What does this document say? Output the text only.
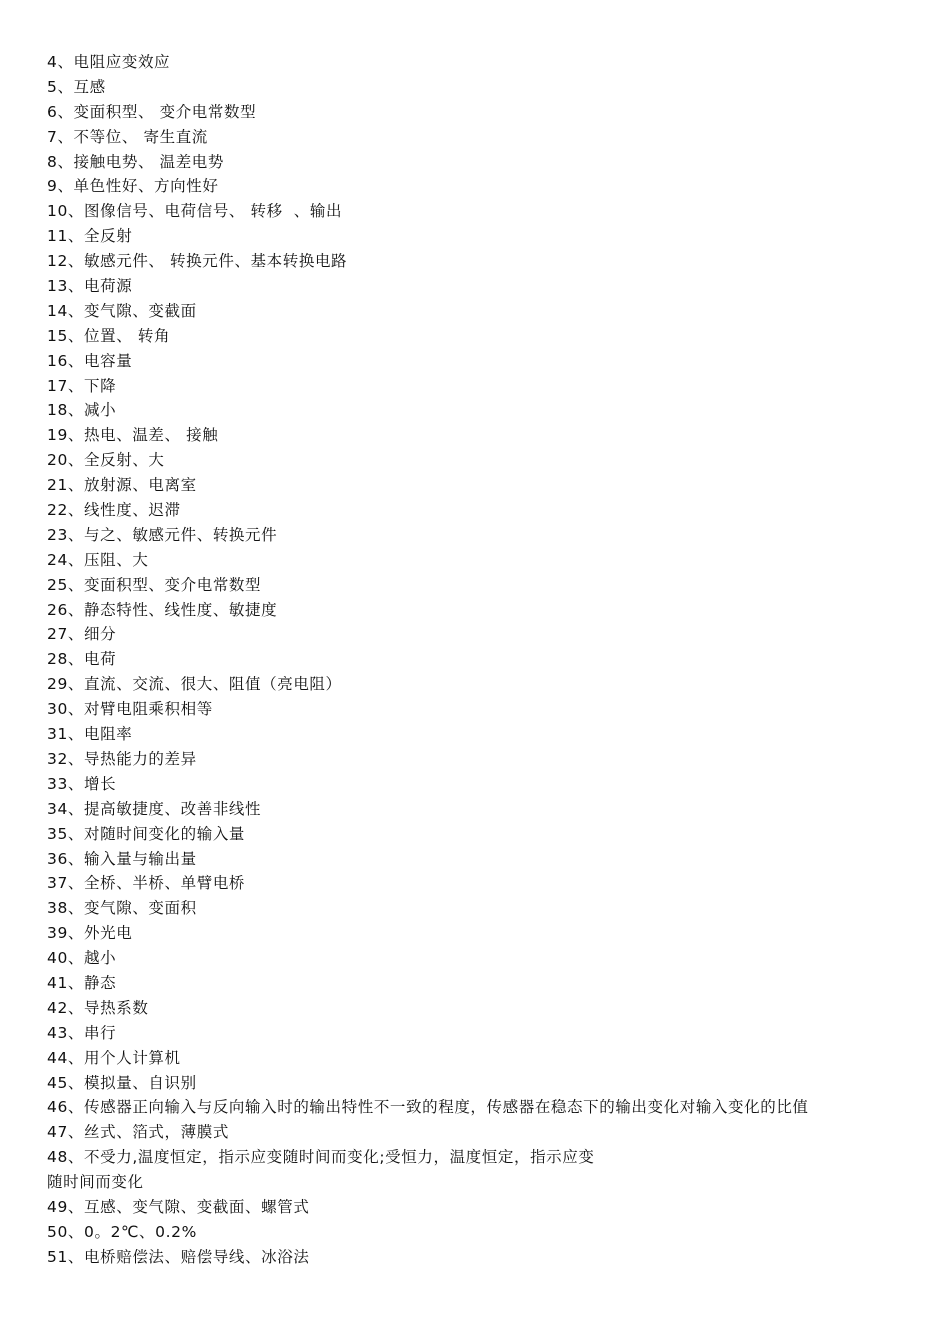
4、电阻应变效应
5、互感
6、变面积型、 变介电常数型
7、不等位、 寄生直流
8、接触电势、 温差电势
9、单色性好、方向性好
10、图像信号、电荷信号、 转移  、输出
11、全反射
12、敏感元件、 转换元件、基本转换电路
13、电荷源
14、变气隙、变截面
15、位置、 转角
16、电容量
17、下降
18、减小
19、热电、温差、 接触
20、全反射、大
21、放射源、电离室
22、线性度、迟滞
23、与之、敏感元件、转换元件
24、压阻、大
25、变面积型、变介电常数型
26、静态特性、线性度、敏捷度
27、细分
28、电荷
29、直流、交流、很大、阻值（亮电阻）
30、对臂电阻乘积相等
31、电阻率
32、导热能力的差异
33、增长
34、提高敏捷度、改善非线性
35、对随时间变化的输入量
36、输入量与输出量
37、全桥、半桥、单臂电桥
38、变气隙、变面积
39、外光电
40、越小
41、静态
42、导热系数
43、串行
44、用个人计算机
45、模拟量、自识别
46、传感器正向输入与反向输入时的输出特性不一致的程度，传感器在稳态下的输出变化对输入变化的比值
47、丝式、箔式，薄膜式
48、不受力,温度恒定，指示应变随时间而变化;受恒力，温度恒定，指示应变
随时间而变化
49、互感、变气隙、变截面、螺管式
50、0。2℃、0.2%
51、电桥赔偿法、赔偿导线、冰浴法
